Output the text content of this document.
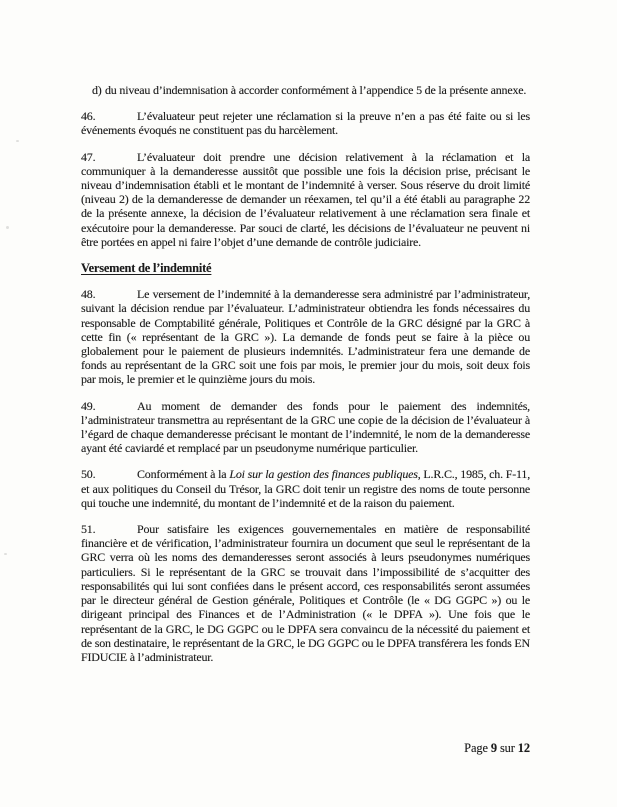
d) du niveau d’indemnisation à accorder conformément à l’appendice 5 de la présente annexe.

46.	L’évaluateur peut rejeter une réclamation si la preuve n’en a pas été faite ou si les événements évoqués ne constituent pas du harcèlement.

47.	L’évaluateur doit prendre une décision relativement à la réclamation et la communiquer à la demanderesse aussitôt que possible une fois la décision prise, précisant le niveau d’indemnisation établi et le montant de l’indemnité à verser. Sous réserve du droit limité (niveau 2) de la demanderesse de demander un réexamen, tel qu’il a été établi au paragraphe 22 de la présente annexe, la décision de l’évaluateur relativement à une réclamation sera finale et exécutoire pour la demanderesse. Par souci de clarté, les décisions de l’évaluateur ne peuvent ni être portées en appel ni faire l’objet d’une demande de contrôle judiciaire.

Versement de l’indemnité

48.	Le versement de l’indemnité à la demanderesse sera administré par l’administrateur, suivant la décision rendue par l’évaluateur. L’administrateur obtiendra les fonds nécessaires du responsable de Comptabilité générale, Politiques et Contrôle de la GRC désigné par la GRC à cette fin (« représentant de la GRC »). La demande de fonds peut se faire à la pièce ou globalement pour le paiement de plusieurs indemnités. L’administrateur fera une demande de fonds au représentant de la GRC soit une fois par mois, le premier jour du mois, soit deux fois par mois, le premier et le quinzième jours du mois.

49.	Au moment de demander des fonds pour le paiement des indemnités, l’administrateur transmettra au représentant de la GRC une copie de la décision de l’évaluateur à l’égard de chaque demanderesse précisant le montant de l’indemnité, le nom de la demanderesse ayant été caviardé et remplacé par un pseudonyme numérique particulier.

50.	Conformément à la Loi sur la gestion des finances publiques, L.R.C., 1985, ch. F-11, et aux politiques du Conseil du Trésor, la GRC doit tenir un registre des noms de toute personne qui touche une indemnité, du montant de l’indemnité et de la raison du paiement.

51.	Pour satisfaire les exigences gouvernementales en matière de responsabilité financière et de vérification, l’administrateur fournira un document que seul le représentant de la GRC verra où les noms des demanderesses seront associés à leurs pseudonymes numériques particuliers. Si le représentant de la GRC se trouvait dans l’impossibilité de s’acquitter des responsabilités qui lui sont confiées dans le présent accord, ces responsabilités seront assumées par le directeur général de Gestion générale, Politiques et Contrôle (le « DG GGPC ») ou le dirigeant principal des Finances et de l’Administration (« le DPFA »). Une fois que le représentant de la GRC, le DG GGPC ou le DPFA sera convaincu de la nécessité du paiement et de son destinataire, le représentant de la GRC, le DG GGPC ou le DPFA transférera les fonds EN FIDUCIE à l’administrateur.

Page 9 sur 12
